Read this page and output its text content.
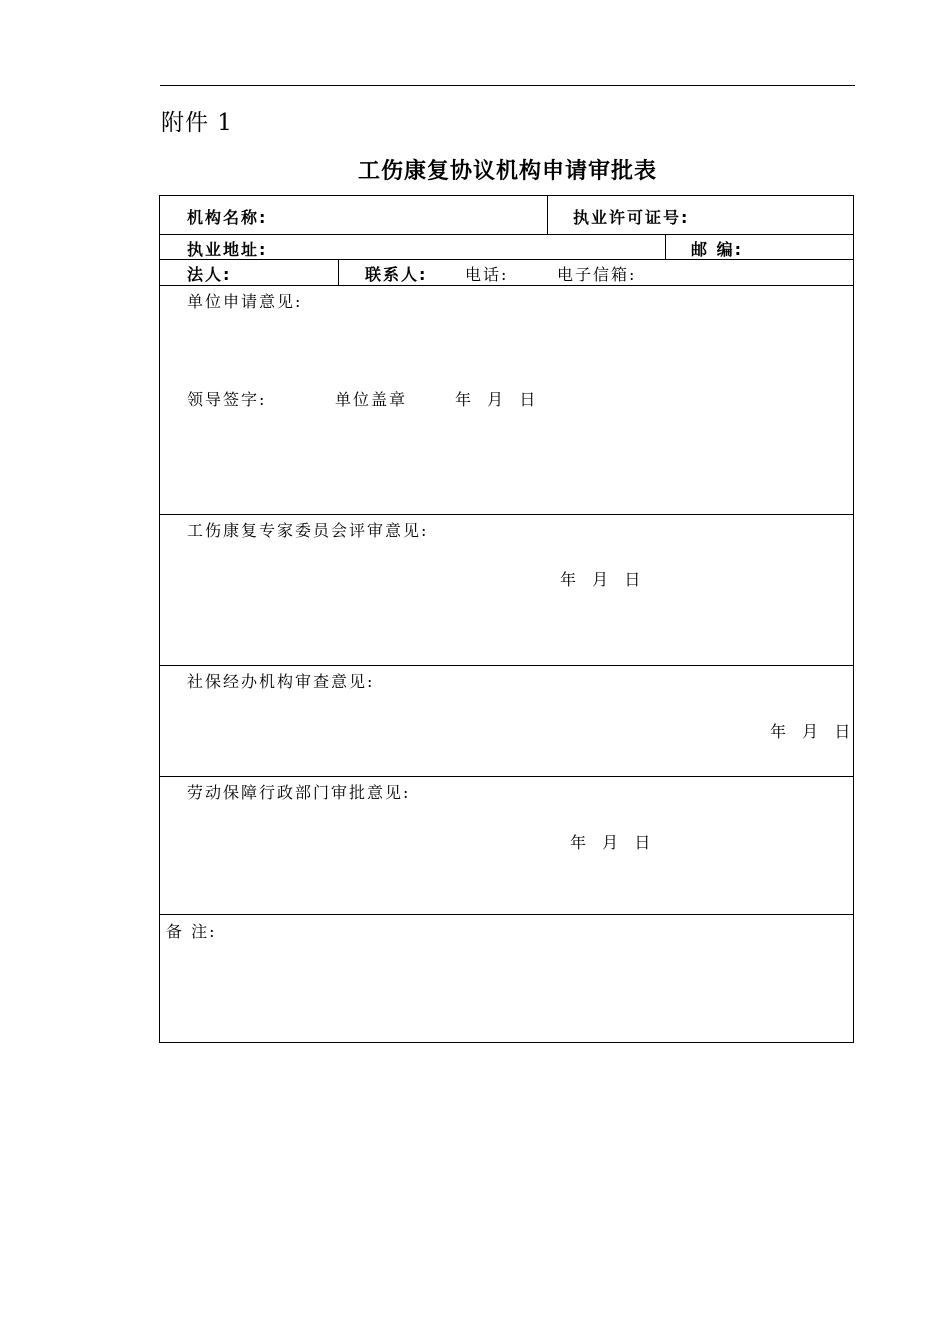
附件 1
工伤康复协议机构申请审批表
机构名称:	执业许可证号:
执业地址:	邮 编:
法人:	联系人: 电话:	电子信箱:
单位申请意见:
领导签字:	单位盖章	年  月  日
工伤康复专家委员会评审意见:
年  月  日
社保经办机构审查意见:
年  月  日
劳动保障行政部门审批意见:
年  月  日
备 注:
